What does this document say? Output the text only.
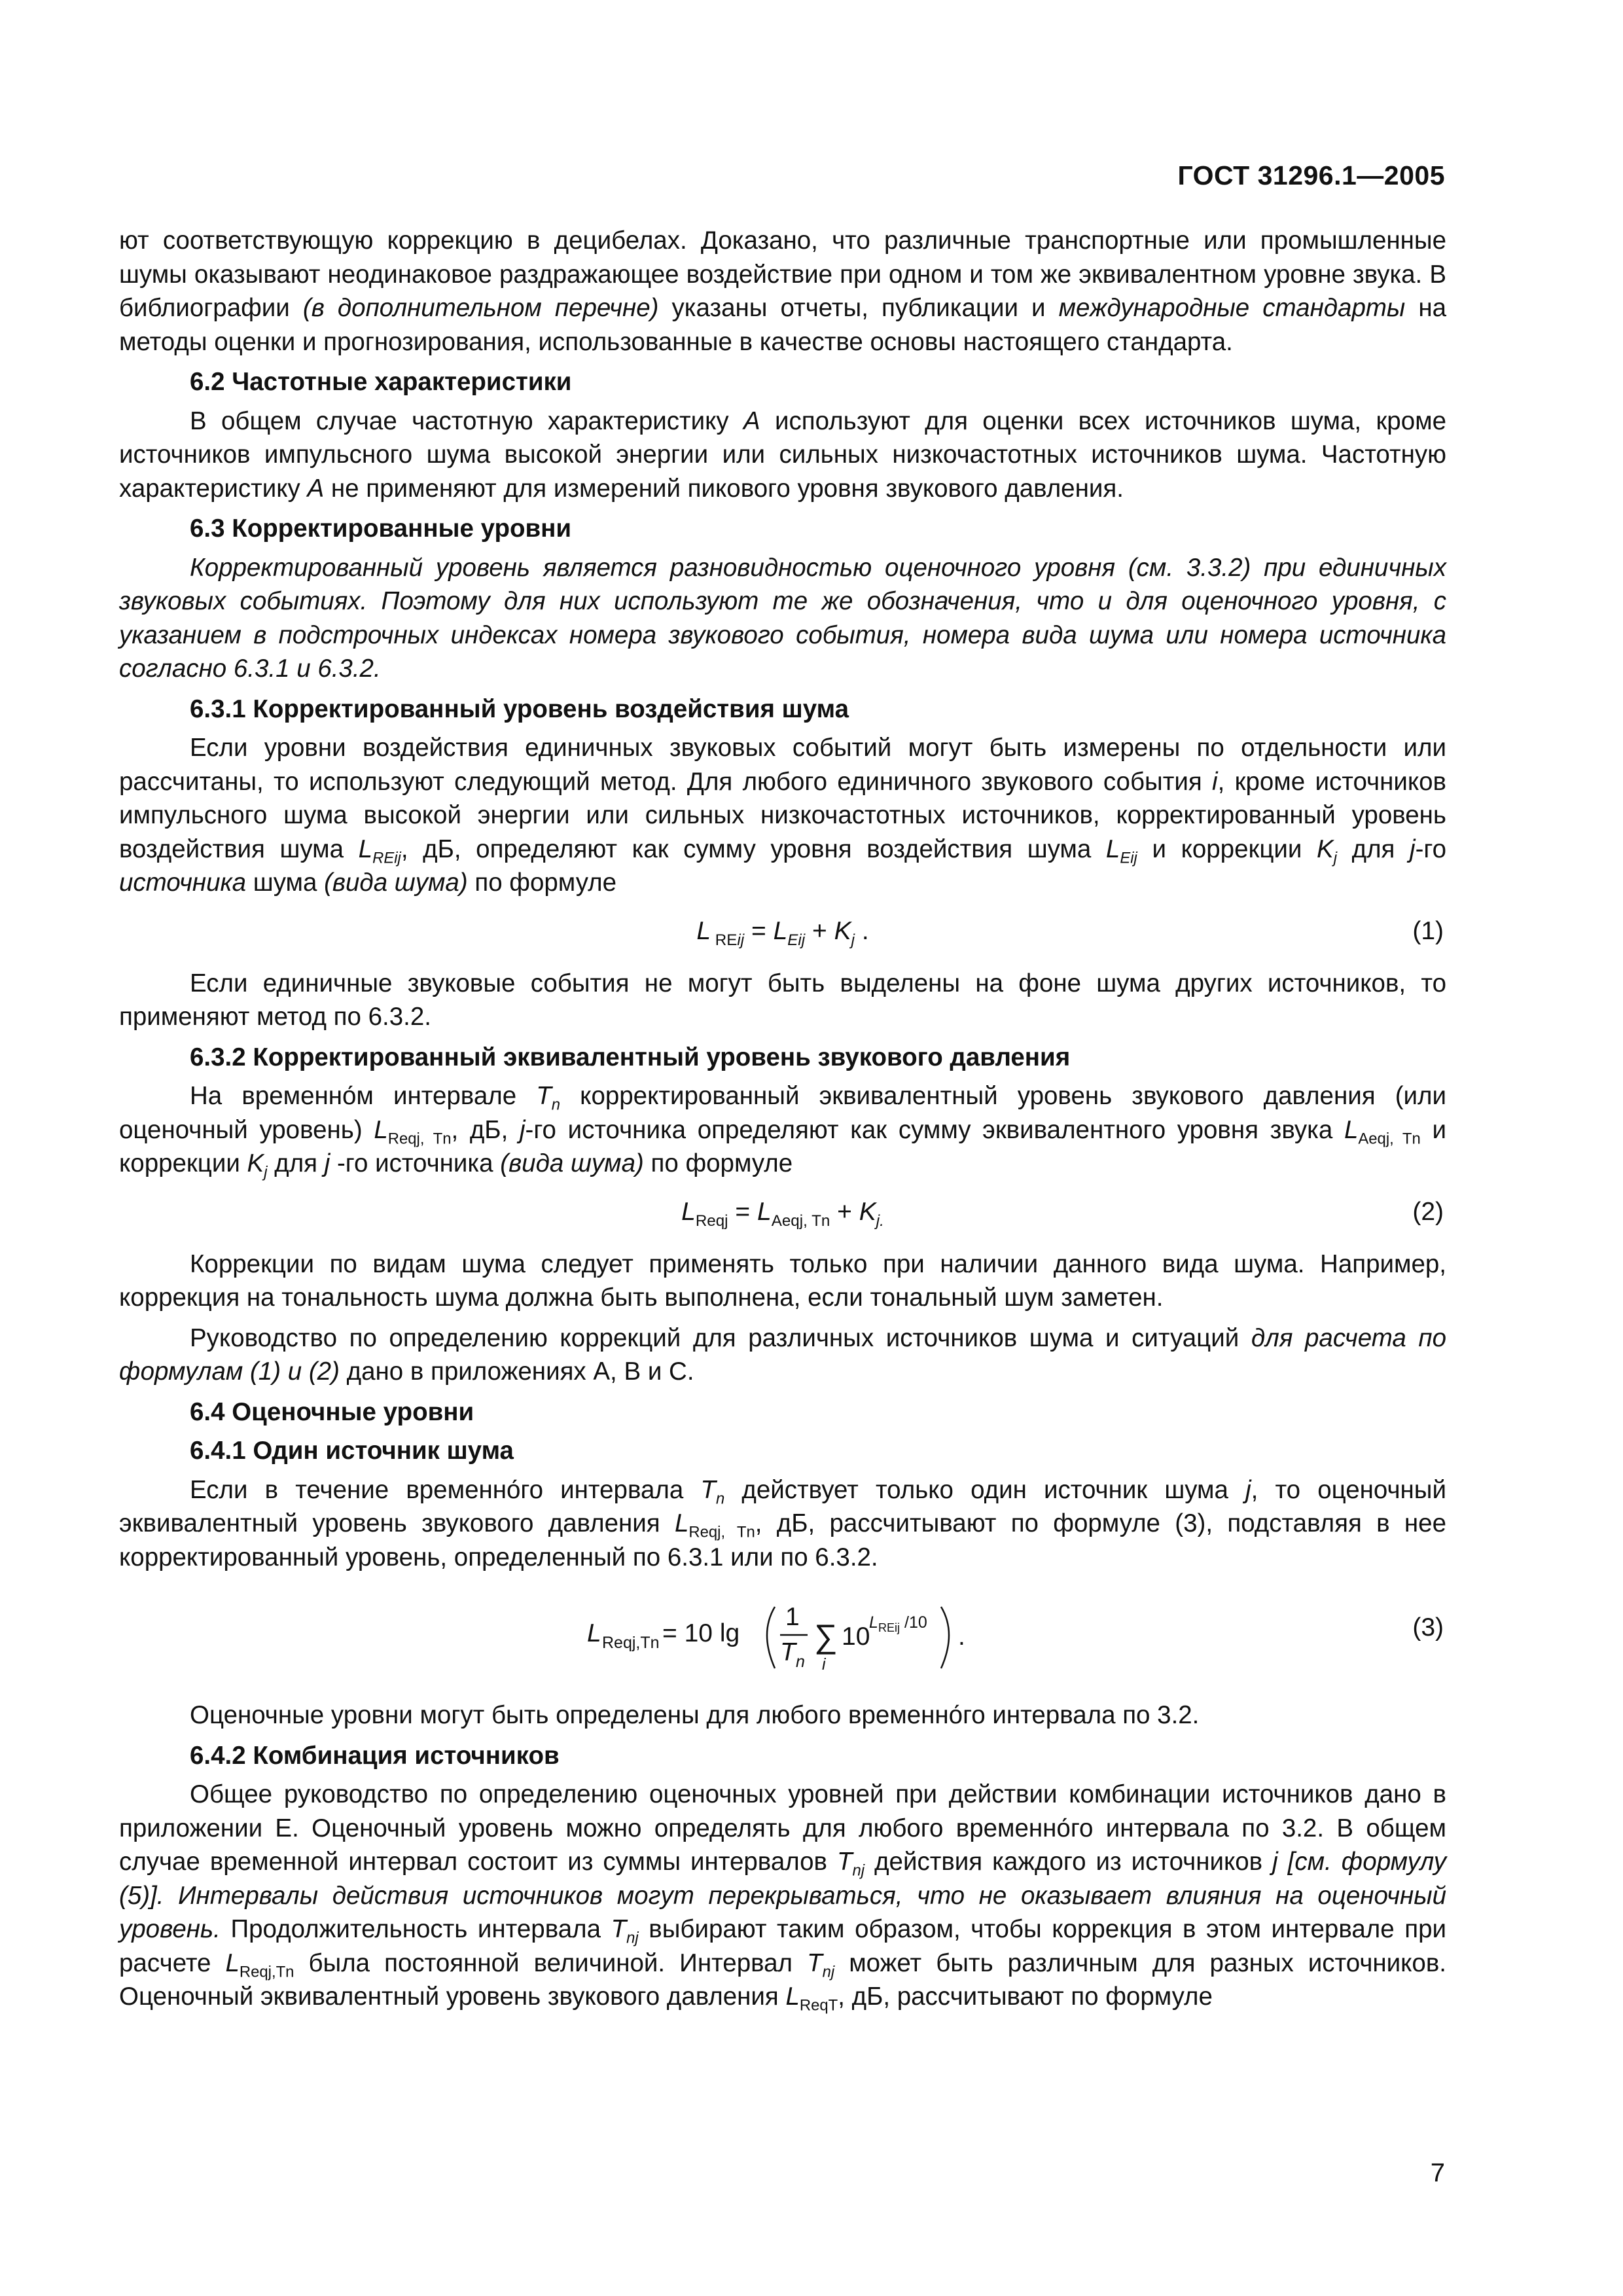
ГОСТ 31296.1—2005

ют соответствующую коррекцию в децибелах. Доказано, что различные транспортные или промышленные шумы оказывают неодинаковое раздражающее воздействие при одном и том же эквивалентном уровне звука. В библиографии (в дополнительном перечне) указаны отчеты, публикации и международные стандарты на методы оценки и прогнозирования, использованные в качестве основы настоящего стандарта.

6.2 Частотные характеристики

В общем случае частотную характеристику A используют для оценки всех источников шума, кроме источников импульсного шума высокой энергии или сильных низкочастотных источников шума. Частотную характеристику A не применяют для измерений пикового уровня звукового давления.

6.3 Корректированные уровни

Корректированный уровень является разновидностью оценочного уровня (см. 3.3.2) при единичных звуковых событиях. Поэтому для них используют те же обозначения, что и для оценочного уровня, с указанием в подстрочных индексах номера звукового события, номера вида шума или номера источника согласно 6.3.1 и 6.3.2.

6.3.1 Корректированный уровень воздействия шума

Если уровни воздействия единичных звуковых событий могут быть измерены по отдельности или рассчитаны, то используют следующий метод. Для любого единичного звукового события i, кроме источников импульсного шума высокой энергии или сильных низкочастотных источников, корректированный уровень воздействия шума $L_{REij}$, дБ, определяют как сумму уровня воздействия шума $L_{Eij}$ и коррекции $K_j$ для j-го источника шума (вида шума) по формуле

L $_{REij} = L_{Eij} + K_j$ .	(1)

Если единичные звуковые события не могут быть выделены на фоне шума других источников, то применяют метод по 6.3.2.

6.3.2 Корректированный эквивалентный уровень звукового давления

На временно́м интервале $T_n$ корректированный эквивалентный уровень звукового давления (или оценочный уровень) $L_{Reqj, Tn}$, дБ, j-го источника определяют как сумму эквивалентного уровня звука $L_{Aeqj, Tn}$ и коррекции $K_j$ для j -го источника (вида шума) по формуле

$L_{Reqj} = L_{Aeqj, Tn} + K_{j.}$	(2)

Коррекции по видам шума следует применять только при наличии данного вида шума. Например, коррекция на тональность шума должна быть выполнена, если тональный шум заметен.

Руководство по определению коррекций для различных источников шума и ситуаций для расчета по формулам (1) и (2) дано в приложениях А, В и С.

6.4 Оценочные уровни
6.4.1 Один источник шума

Если в течение временно́го интервала $T_n$ действует только один источник шума j, то оценочный эквивалентный уровень звукового давления $L_{Reqj, Tn}$, дБ, рассчитывают по формуле (3), подставляя в нее корректированный уровень, определенный по 6.3.1 или по 6.3.2.

L Reqj,Tn = 10 lg
1
T n
∑
i
10
L REij /10 .	(3)

Оценочные уровни могут быть определены для любого временно́го интервала по 3.2.

6.4.2 Комбинация источников

Общее руководство по определению оценочных уровней при действии комбинации источников дано в приложении Е. Оценочный уровень можно определять для любого временно́го интервала по 3.2. В общем случае временной интервал состоит из суммы интервалов $T_{nj}$ действия каждого из источников j [см. формулу (5)]. Интервалы действия источников могут перекрываться, что не оказывает влияния на оценочный уровень. Продолжительность интервала $T_{nj}$ выбирают таким образом, чтобы коррекция в этом интервале при расчете $L_{Reqj,Tn}$ была постоянной величиной. Интервал $T_{nj}$ может быть различным для разных источников. Оценочный эквивалентный уровень звукового давления $L_{ReqT}$, дБ, рассчитывают по формуле

7
